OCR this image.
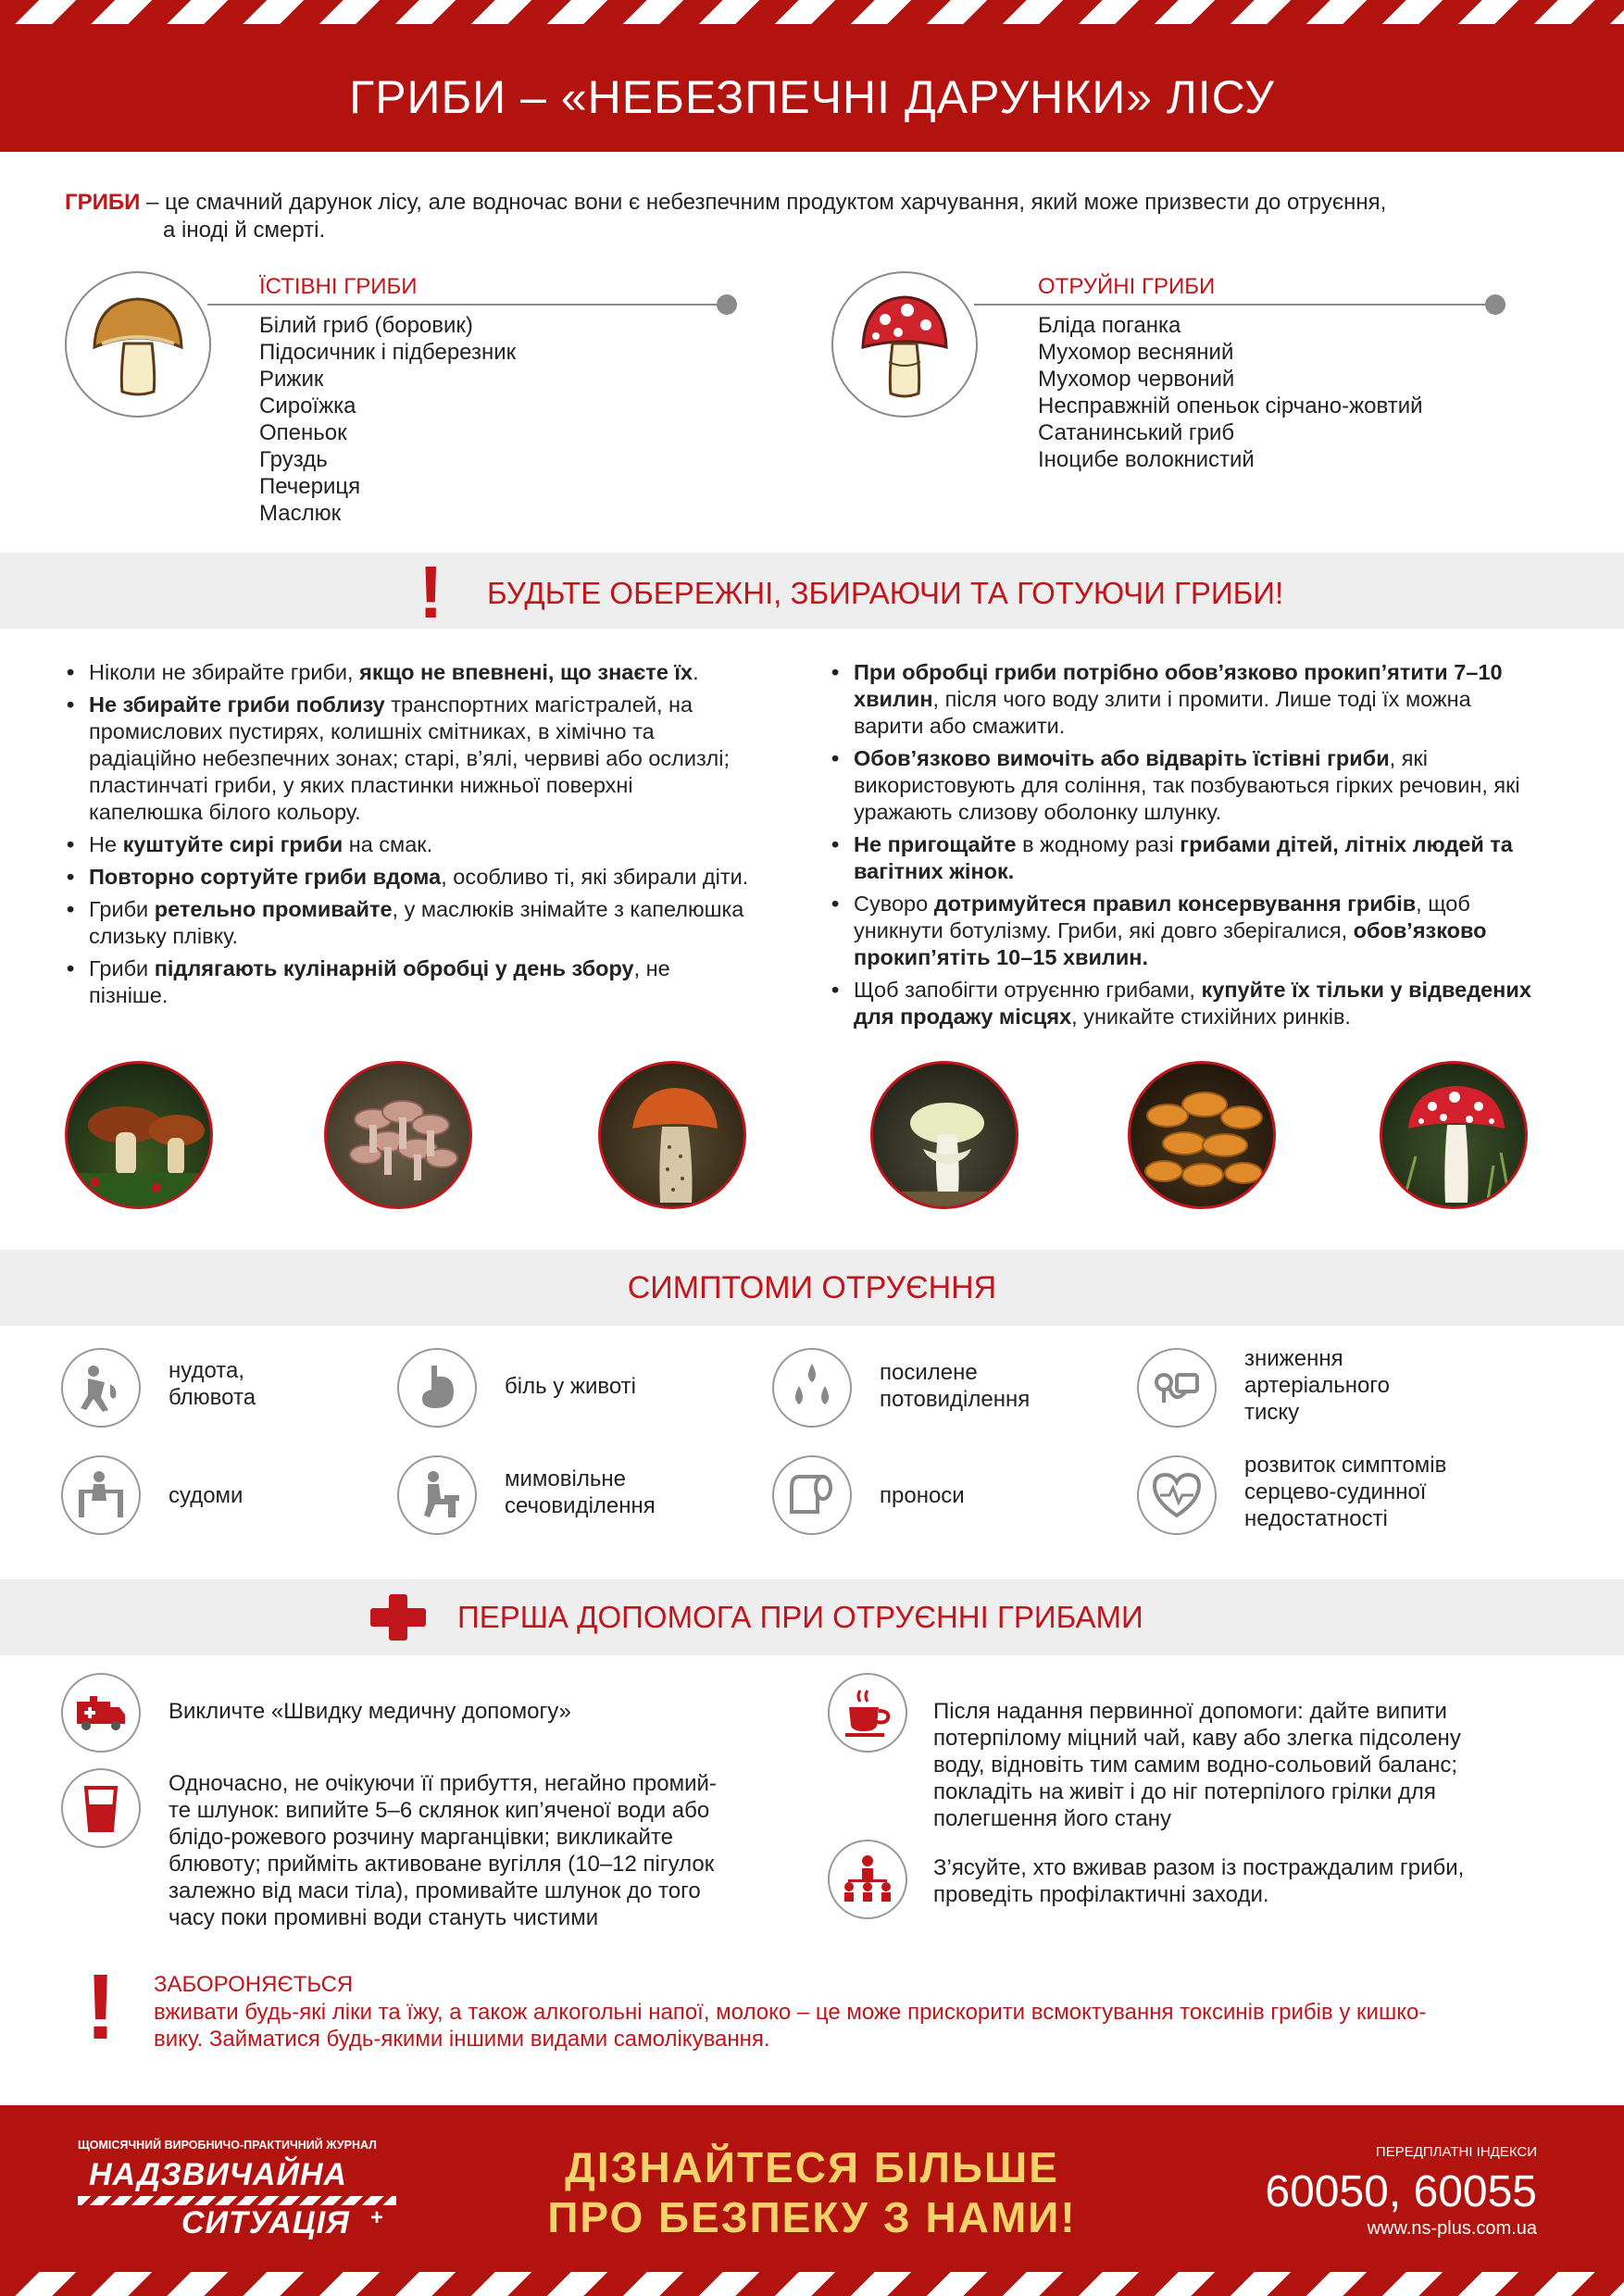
ГРИБИ – «НЕБЕЗПЕЧНІ ДАРУНКИ» ЛІСУ
ГРИБИ – це смачний дарунок лісу, але водночас вони є небезпечним продуктом харчування, який може призвести до отруєння,
а іноді й смерті.
ЇСТІВНІ ГРИБИ
Білий гриб (боровик)
Підосичник і підберезник
Рижик
Сироїжка
Опеньок
Груздь
Печериця
Маслюк
ОТРУЙНІ ГРИБИ
Бліда поганка
Мухомор весняний
Мухомор червоний
Несправжній опеньок сірчано-жовтий
Сатанинський гриб
Іноцибе волокнистий
! БУДЬТЕ ОБЕРЕЖНІ, ЗБИРАЮЧИ ТА ГОТУЮЧИ ГРИБИ!
• Ніколи не збирайте гриби, якщо не впевнені, що знаєте їх.
• Не збирайте гриби поблизу транспортних магістралей, на промислових пустирях, колишніх смітниках, в хімічно та радіаційно небезпечних зонах; старі, в’ялі, червиві або ослизлі; пластинчаті гриби, у яких пластинки нижньої поверхні капелюшка білого кольору.
• Не куштуйте сирі гриби на смак.
• Повторно сортуйте гриби вдома, особливо ті, які збирали діти.
• Гриби ретельно промивайте, у маслюків знімайте з капелюшка слизьку плівку.
• Гриби підлягають кулінарній обробці у день збору, не пізніше.
• При обробці гриби потрібно обов’язково прокип’ятити 7–10 хвилин, після чого воду злити і промити. Лише тоді їх можна варити або смажити.
• Обов’язково вимочіть або відваріть їстівні гриби, які використовують для соління, так позбуваються гірких речовин, які уражають слизову оболонку шлунку.
• Не пригощайте в жодному разі грибами дітей, літніх людей та вагітних жінок.
• Суворо дотримуйтеся правил консервування грибів, щоб уникнути ботулізму. Гриби, які довго зберігалися, обов’язково прокип’ятіть 10–15 хвилин.
• Щоб запобігти отруєнню грибами, купуйте їх тільки у відведених для продажу місцях, уникайте стихійних ринків.
СИМПТОМИ ОТРУЄННЯ
нудота,
блювота	біль у животі
посилене
потовиділення
зниження
артеріального
тиску
судоми
мимовільне
сечовиділення	проноси
розвиток симптомів
серцево-судинної
недостатності
ПЕРША ДОПОМОГА ПРИ ОТРУЄННІ ГРИБАМИ
Викличте «Швидку медичну допомогу»
Одночасно, не очікуючи її прибуття, негайно промий-
те шлунок: випийте 5–6 склянок кип’яченої води або
блідо-рожевого розчину марганцівки; викликайте
блювоту; прийміть активоване вугілля (10–12 пігулок
залежно від маси тіла), промивайте шлунок до того
часу поки промивні води стануть чистими
Після надання первинної допомоги: дайте випити
потерпілому міцний чай, каву або злегка підсолену
воду, відновіть тим самим водно-сольовий баланс;
покладіть на живіт і до ніг потерпілого грілки для
полегшення його стану
З’ясуйте, хто вживав разом із постраждалим гриби,
проведіть профілактичні заходи.
! ЗАБОРОНЯЄТЬСЯ
вживати будь-які ліки та їжу, а також алкогольні напої, молоко – це може прискорити всмоктування токсинів грибів у кишко-
вику. Займатися будь-якими іншими видами самолікування.
ЩОМІСЯЧНИЙ ВИРОБНИЧО-ПРАКТИЧНИЙ ЖУРНАЛ
НАДЗВИЧАЙНА
СИТУАЦІЯ +
ДІЗНАЙТЕСЯ БІЛЬШЕ
ПРО БЕЗПЕКУ З НАМИ!
ПЕРЕДПЛАТНІ ІНДЕКСИ
60050, 60055
www.ns-plus.com.ua
